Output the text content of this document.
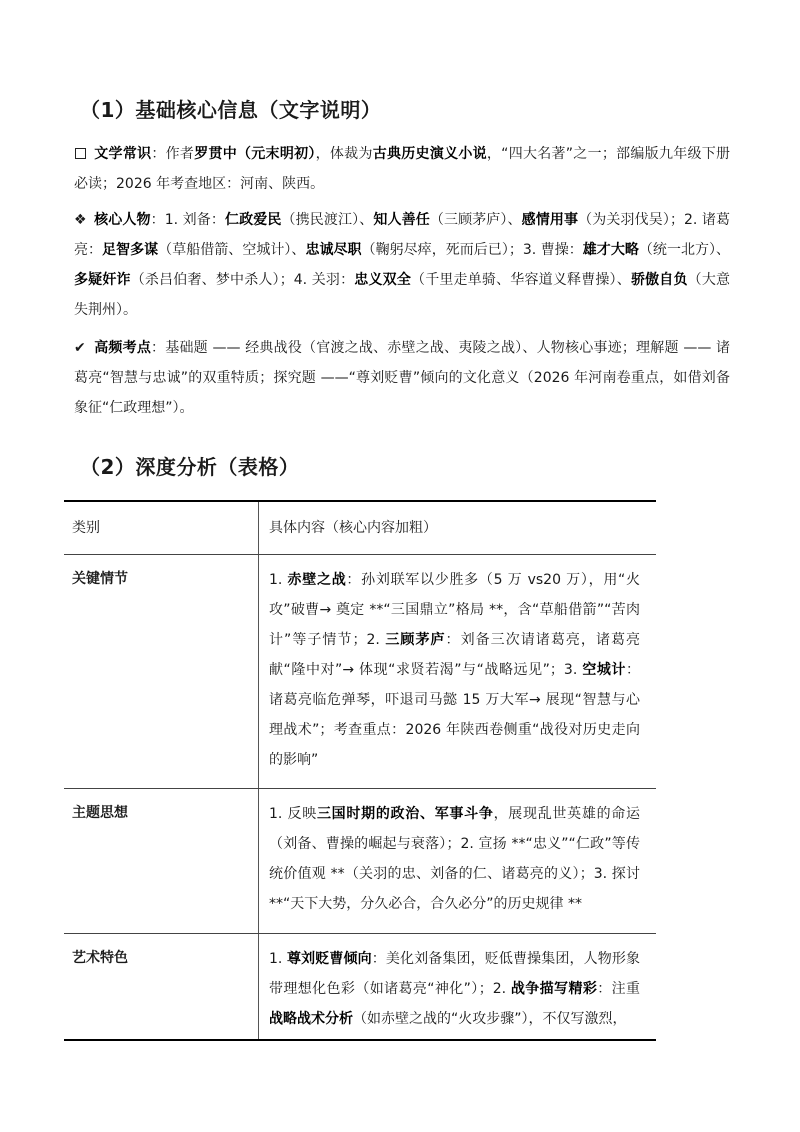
（1）基础核心信息（文字说明）

文学常识：作者罗贯中（元末明初），体裁为古典历史演义小说，“四大名著”之一；部编版九年级下册必读；2026 年考查地区：河南、陕西。

❖ 核心人物：1. 刘备：仁政爱民（携民渡江）、知人善任（三顾茅庐）、感情用事（为关羽伐吴）；2. 诸葛亮：足智多谋（草船借箭、空城计）、忠诚尽职（鞠躬尽瘁，死而后已）；3. 曹操：雄才大略（统一北方）、多疑奸诈（杀吕伯奢、梦中杀人）；4. 关羽：忠义双全（千里走单骑、华容道义释曹操）、骄傲自负（大意失荆州）。

✔ 高频考点：基础题 —— 经典战役（官渡之战、赤壁之战、夷陵之战）、人物核心事迹；理解题 —— 诸葛亮“智慧与忠诚”的双重特质；探究题 ——“尊刘贬曹”倾向的文化意义（2026 年河南卷重点，如借刘备象征“仁政理想”）。

（2）深度分析（表格）
类别	具体内容（核心内容加粗）

关键情节	1. 赤壁之战：孙刘联军以少胜多（5 万 vs20 万），用“火攻”破曹→ 奠定 **“三国鼎立”格局 **，含“草船借箭”“苦肉计”等子情节；2. 三顾茅庐：刘备三次请诸葛亮，诸葛亮献“隆中对”→ 体现“求贤若渴”与“战略远见”；3. 空城计：诸葛亮临危弹琴，吓退司马懿 15 万大军→ 展现“智慧与心理战术”；考查重点：2026 年陕西卷侧重“战役对历史走向的影响”

主题思想	1. 反映三国时期的政治、军事斗争，展现乱世英雄的命运（刘备、曹操的崛起与衰落）；2. 宣扬 **“忠义”“仁政”等传统价值观 **（关羽的忠、刘备的仁、诸葛亮的义）；3. 探讨 **“天下大势，分久必合，合久必分”的历史规律 **

艺术特色	1. 尊刘贬曹倾向：美化刘备集团，贬低曹操集团，人物形象带理想化色彩（如诸葛亮“神化”）；2. 战争描写精彩：注重战略战术分析（如赤壁之战的“火攻步骤”），不仅写激烈，
